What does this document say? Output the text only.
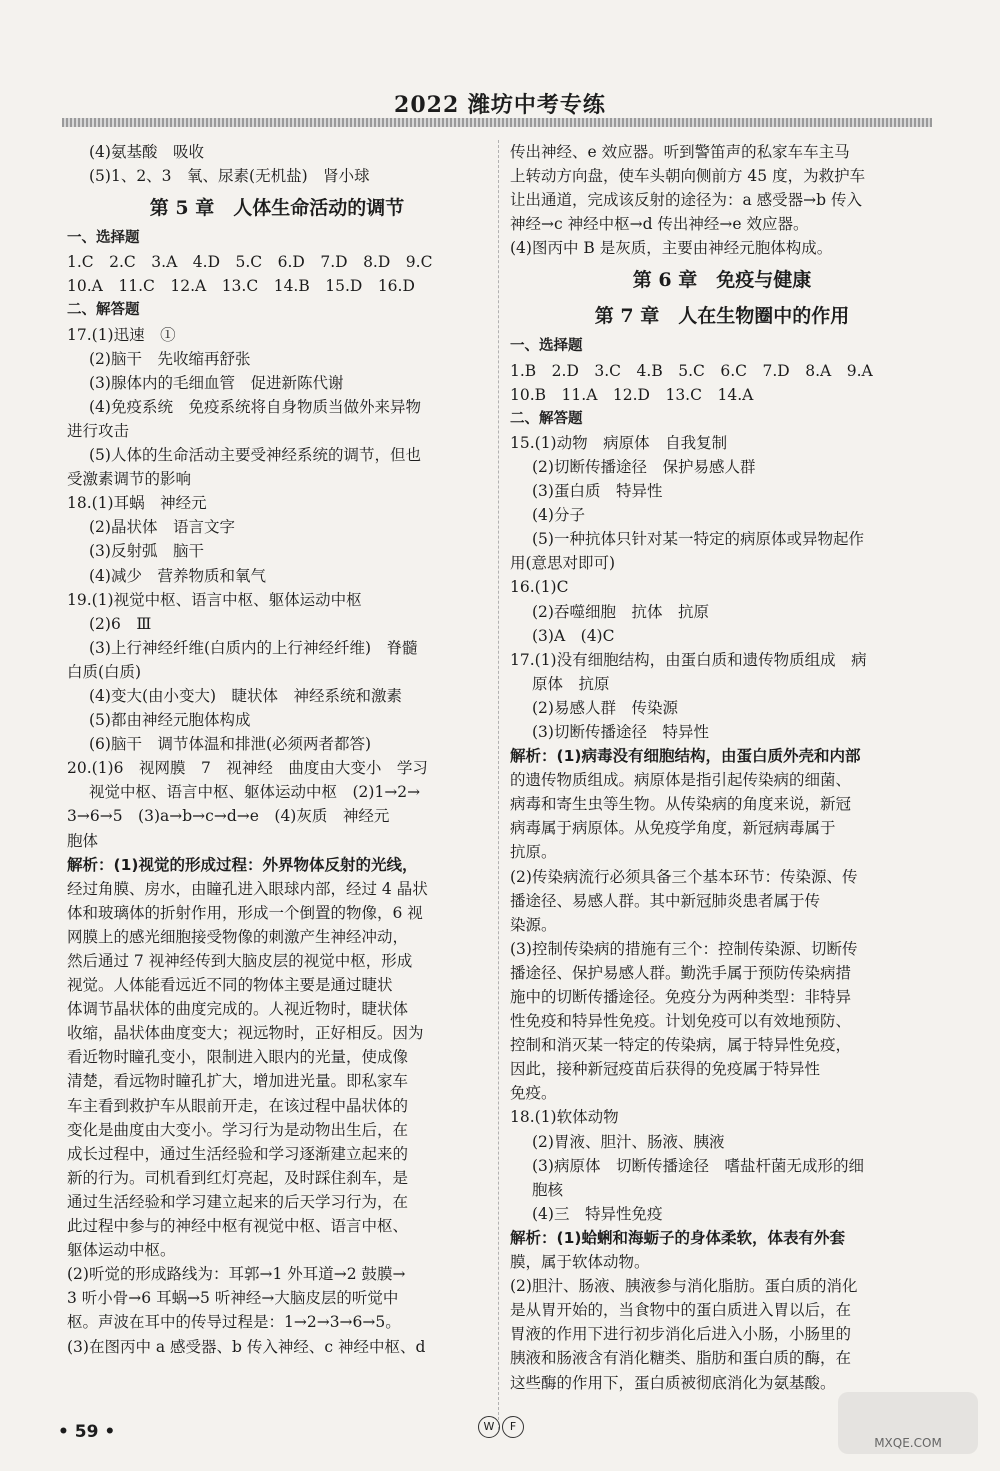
2022 潍坊中考专练
(4)氨基酸　吸收
(5)1、2、3　氧、尿素(无机盐)　肾小球
第 5 章　人体生命活动的调节
一、选择题
1.C　2.C　3.A　4.D　5.C　6.D　7.D　8.D　9.C
10.A　11.C　12.A　13.C　14.B　15.D　16.D
二、解答题
17.(1)迅速　①
(2)脑干　先收缩再舒张
(3)腺体内的毛细血管　促进新陈代谢
(4)免疫系统　免疫系统将自身物质当做外来异物
进行攻击
(5)人体的生命活动主要受神经系统的调节，但也
受激素调节的影响
18.(1)耳蜗　神经元
(2)晶状体　语言文字
(3)反射弧　脑干
(4)减少　营养物质和氧气
19.(1)视觉中枢、语言中枢、躯体运动中枢
(2)6　Ⅲ
(3)上行神经纤维(白质内的上行神经纤维)　脊髓
白质(白质)
(4)变大(由小变大)　睫状体　神经系统和激素
(5)都由神经元胞体构成
(6)脑干　调节体温和排泄(必须两者都答)
20.(1)6　视网膜　7　视神经　曲度由大变小　学习
视觉中枢、语言中枢、躯体运动中枢　(2)1→2→
3→6→5　(3)a→b→c→d→e　(4)灰质　神经元
胞体
解析：(1)视觉的形成过程：外界物体反射的光线，
经过角膜、房水，由瞳孔进入眼球内部，经过 4 晶状
体和玻璃体的折射作用，形成一个倒置的物像，6 视
网膜上的感光细胞接受物像的刺激产生神经冲动，
然后通过 7 视神经传到大脑皮层的视觉中枢，形成
视觉。人体能看远近不同的物体主要是通过睫状
体调节晶状体的曲度完成的。人视近物时，睫状体
收缩，晶状体曲度变大；视远物时，正好相反。因为
看近物时瞳孔变小，限制进入眼内的光量，使成像
清楚，看远物时瞳孔扩大，增加进光量。即私家车
车主看到救护车从眼前开走，在该过程中晶状体的
变化是曲度由大变小。学习行为是动物出生后，在
成长过程中，通过生活经验和学习逐渐建立起来的
新的行为。司机看到红灯亮起，及时踩住刹车，是
通过生活经验和学习建立起来的后天学习行为，在
此过程中参与的神经中枢有视觉中枢、语言中枢、
躯体运动中枢。
(2)听觉的形成路线为：耳郭→1 外耳道→2 鼓膜→
3 听小骨→6 耳蜗→5 听神经→大脑皮层的听觉中
枢。声波在耳中的传导过程是：1→2→3→6→5。
(3)在图丙中 a 感受器、b 传入神经、c 神经中枢、d
传出神经、e 效应器。听到警笛声的私家车车主马
上转动方向盘，使车头朝向侧前方 45 度，为救护车
让出通道，完成该反射的途径为：a 感受器→b 传入
神经→c 神经中枢→d 传出神经→e 效应器。
(4)图丙中 B 是灰质，主要由神经元胞体构成。
第 6 章　免疫与健康
第 7 章　人在生物圈中的作用
一、选择题
1.B　2.D　3.C　4.B　5.C　6.C　7.D　8.A　9.A
10.B　11.A　12.D　13.C　14.A
二、解答题
15.(1)动物　病原体　自我复制
(2)切断传播途径　保护易感人群
(3)蛋白质　特异性
(4)分子
(5)一种抗体只针对某一特定的病原体或异物起作
用(意思对即可)
16.(1)C
(2)吞噬细胞　抗体　抗原
(3)A　(4)C
17.(1)没有细胞结构，由蛋白质和遗传物质组成　病
原体　抗原
(2)易感人群　传染源
(3)切断传播途径　特异性
解析：(1)病毒没有细胞结构，由蛋白质外壳和内部
的遗传物质组成。病原体是指引起传染病的细菌、
病毒和寄生虫等生物。从传染病的角度来说，新冠
病毒属于病原体。从免疫学角度，新冠病毒属于
抗原。
(2)传染病流行必须具备三个基本环节：传染源、传
播途径、易感人群。其中新冠肺炎患者属于传
染源。
(3)控制传染病的措施有三个：控制传染源、切断传
播途径、保护易感人群。勤洗手属于预防传染病措
施中的切断传播途径。免疫分为两种类型：非特异
性免疫和特异性免疫。计划免疫可以有效地预防、
控制和消灭某一特定的传染病，属于特异性免疫，
因此，接种新冠疫苗后获得的免疫属于特异性
免疫。
18.(1)软体动物
(2)胃液、胆汁、肠液、胰液
(3)病原体　切断传播途径　嗜盐杆菌无成形的细
胞核
(4)三　特异性免疫
解析：(1)蛤蜊和海蛎子的身体柔软，体表有外套
膜，属于软体动物。
(2)胆汁、肠液、胰液参与消化脂肪。蛋白质的消化
是从胃开始的，当食物中的蛋白质进入胃以后，在
胃液的作用下进行初步消化后进入小肠，小肠里的
胰液和肠液含有消化糖类、脂肪和蛋白质的酶，在
这些酶的作用下，蛋白质被彻底消化为氨基酸。
• 59 •	W	F
MXQE.COM
